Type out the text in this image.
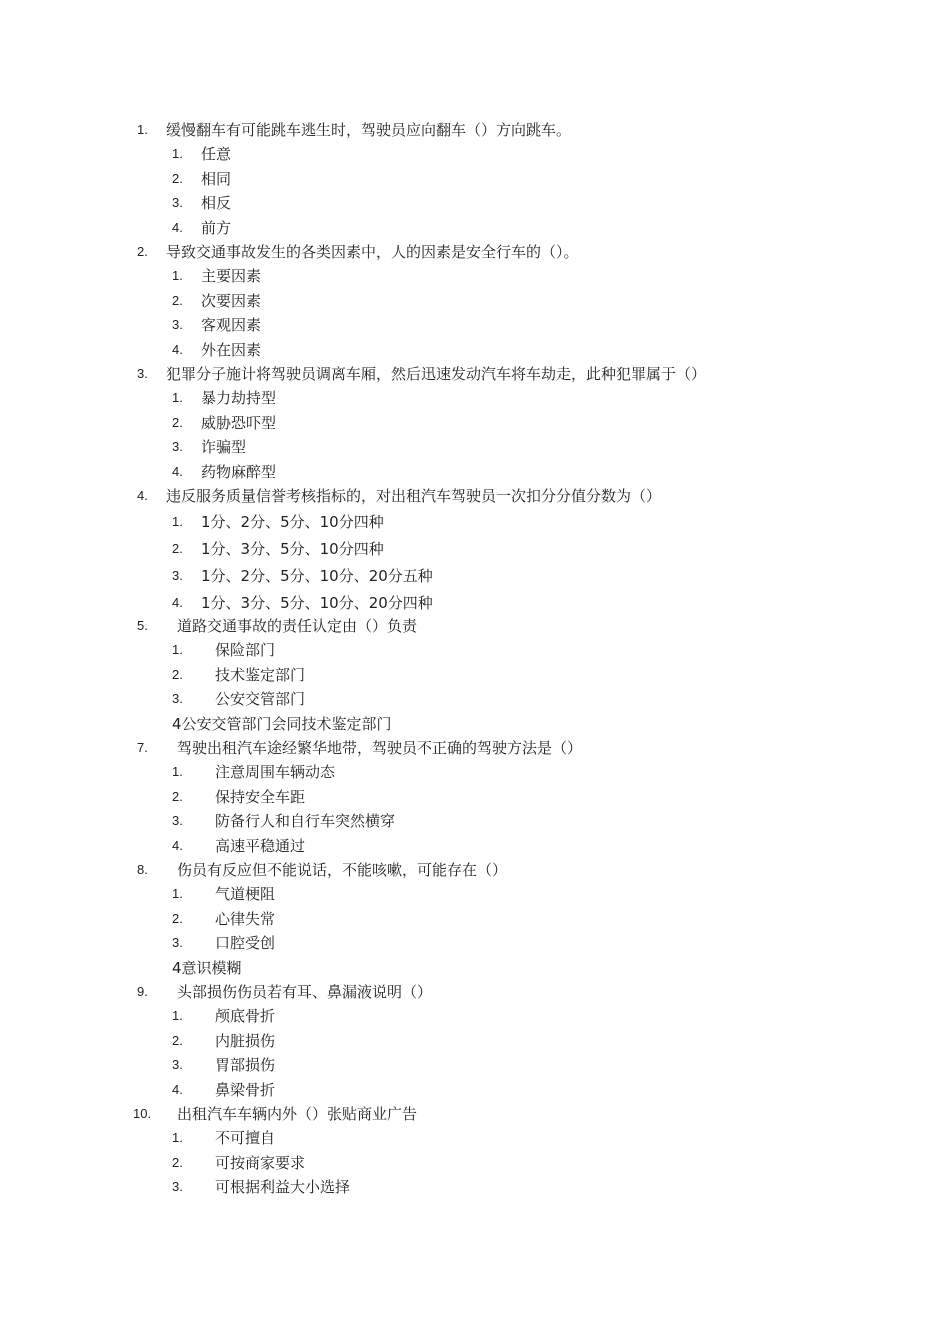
1. 缓慢翻车有可能跳车逃生时，驾驶员应向翻车（）方向跳车。
1. 任意
2. 相同
3. 相反
4. 前方
2. 导致交通事故发生的各类因素中，人的因素是安全行车的（）。
1. 主要因素
2. 次要因素
3. 客观因素
4. 外在因素
3. 犯罪分子施计将驾驶员调离车厢，然后迅速发动汽车将车劫走，此种犯罪属于（）
1. 暴力劫持型
2. 威胁恐吓型
3. 诈骗型
4. 药物麻醉型
4. 违反服务质量信誉考核指标的，对出租汽车驾驶员一次扣分分值分数为（）
1. 1分、2分、5分、10分四种
2. 1分、3分、5分、10分四种
3. 1分、2分、5分、10分、20分五种
4. 1分、3分、5分、10分、20分四种
5. 道路交通事故的责任认定由（）负责
1. 保险部门
2. 技术鉴定部门
3. 公安交管部门
4公安交管部门会同技术鉴定部门
7. 驾驶出租汽车途经繁华地带，驾驶员不正确的驾驶方法是（）
1. 注意周围车辆动态
2. 保持安全车距
3. 防备行人和自行车突然横穿
4. 高速平稳通过
8. 伤员有反应但不能说话，不能咳嗽，可能存在（）
1. 气道梗阻
2. 心律失常
3. 口腔受创
4意识模糊
9. 头部损伤伤员若有耳、鼻漏液说明（）
1. 颅底骨折
2. 内脏损伤
3. 胃部损伤
4. 鼻梁骨折
10. 出租汽车车辆内外（）张贴商业广告
1. 不可擅自
2. 可按商家要求
3. 可根据利益大小选择
